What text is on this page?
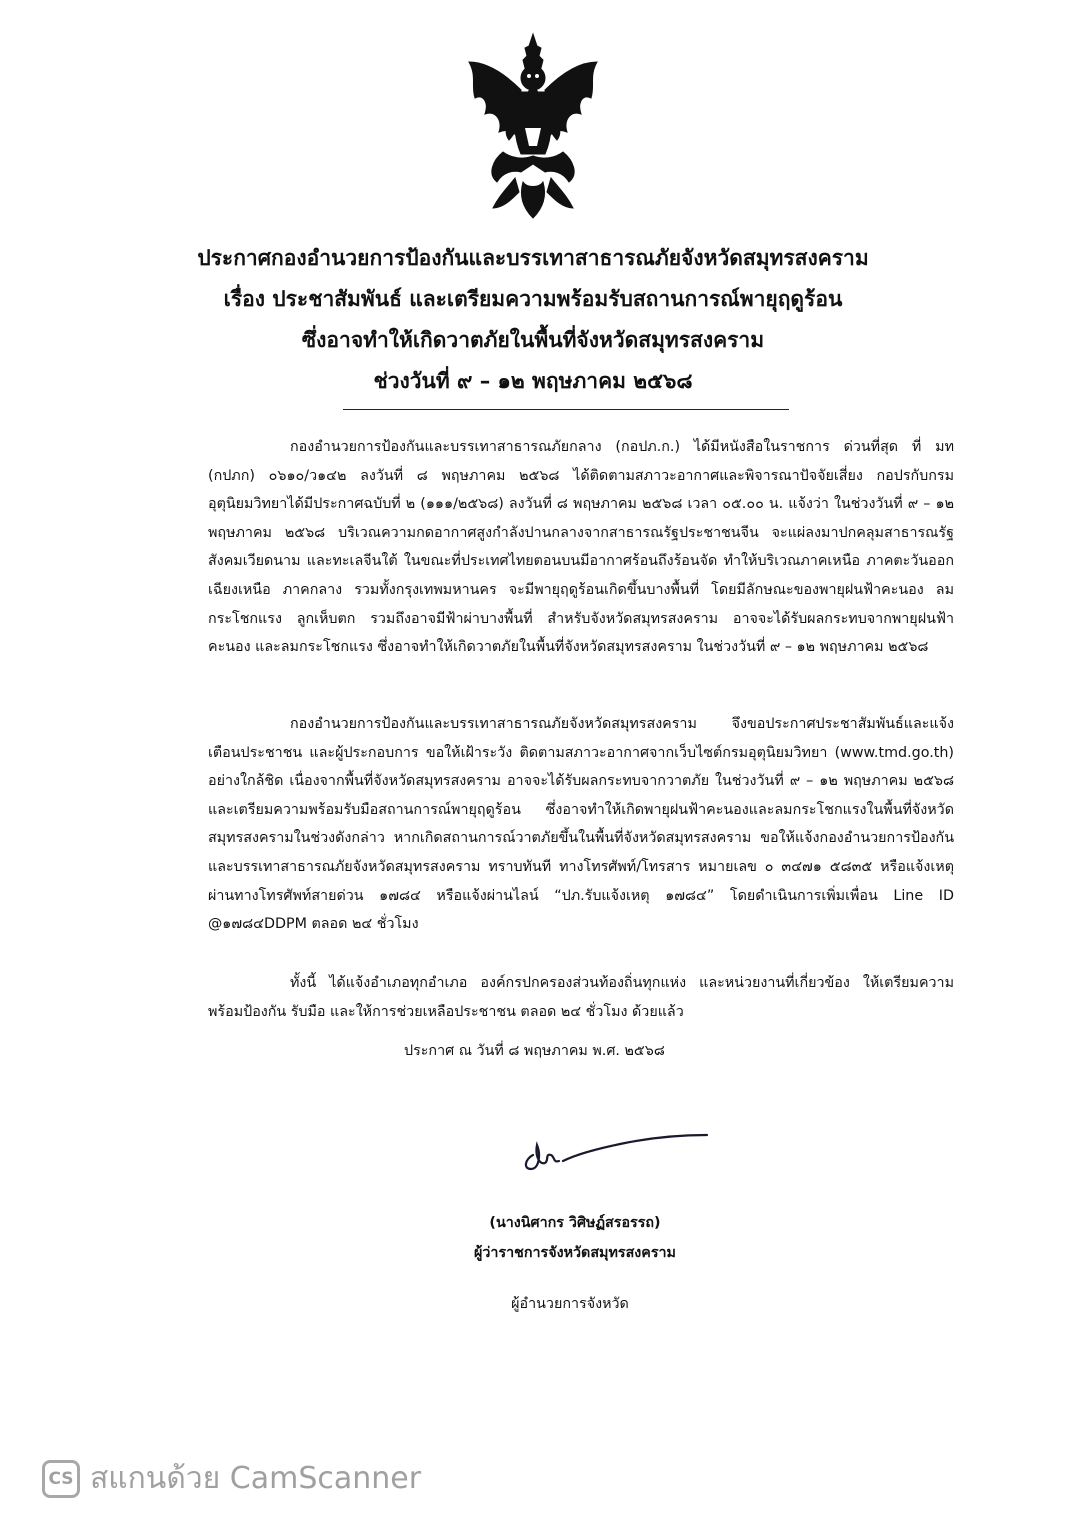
ประกาศกองอำนวยการป้องกันและบรรเทาสาธารณภัยจังหวัดสมุทรสงคราม
เรื่อง ประชาสัมพันธ์ และเตรียมความพร้อมรับสถานการณ์พายุฤดูร้อน
ซึ่งอาจทำให้เกิดวาตภัยในพื้นที่จังหวัดสมุทรสงคราม
ช่วงวันที่ ๙ – ๑๒ พฤษภาคม ๒๕๖๘

กองอำนวยการป้องกันและบรรเทาสาธารณภัยกลาง (กอปภ.ก.) ได้มีหนังสือในราชการ ด่วนที่สุด ที่ มท (กปภก) ๐๖๑๐/ว๑๔๒ ลงวันที่ ๘ พฤษภาคม ๒๕๖๘ ได้ติดตามสภาวะอากาศและพิจารณาปัจจัยเสี่ยง กอปรกับกรมอุตุนิยมวิทยาได้มีประกาศฉบับที่ ๒ (๑๑๑/๒๕๖๘) ลงวันที่ ๘ พฤษภาคม ๒๕๖๘ เวลา ๐๕.๐๐ น. แจ้งว่า ในช่วงวันที่ ๙ – ๑๒ พฤษภาคม ๒๕๖๘ บริเวณความกดอากาศสูงกำลังปานกลางจากสาธารณรัฐประชาชนจีน จะแผ่ลงมาปกคลุมสาธารณรัฐสังคมเวียดนาม และทะเลจีนใต้ ในขณะที่ประเทศไทยตอนบนมีอากาศร้อนถึงร้อนจัด ทำให้บริเวณภาคเหนือ ภาคตะวันออกเฉียงเหนือ ภาคกลาง รวมทั้งกรุงเทพมหานคร จะมีพายุฤดูร้อนเกิดขึ้นบางพื้นที่ โดยมีลักษณะของพายุฝนฟ้าคะนอง ลมกระโชกแรง ลูกเห็บตก รวมถึงอาจมีฟ้าผ่าบางพื้นที่ สำหรับจังหวัดสมุทรสงคราม อาจจะได้รับผลกระทบจากพายุฝนฟ้าคะนอง และลมกระโชกแรง ซึ่งอาจทำให้เกิดวาตภัยในพื้นที่จังหวัดสมุทรสงคราม ในช่วงวันที่ ๙ – ๑๒ พฤษภาคม ๒๕๖๘

กองอำนวยการป้องกันและบรรเทาสาธารณภัยจังหวัดสมุทรสงคราม จึงขอประกาศประชาสัมพันธ์และแจ้งเตือนประชาชน และผู้ประกอบการ ขอให้เฝ้าระวัง ติดตามสภาวะอากาศจากเว็บไซต์กรมอุตุนิยมวิทยา (www.tmd.go.th) อย่างใกล้ชิด เนื่องจากพื้นที่จังหวัดสมุทรสงคราม อาจจะได้รับผลกระทบจากวาตภัย ในช่วงวันที่ ๙ – ๑๒ พฤษภาคม ๒๕๖๘ และเตรียมความพร้อมรับมือสถานการณ์พายุฤดูร้อน ซึ่งอาจทำให้เกิดพายุฝนฟ้าคะนองและลมกระโชกแรงในพื้นที่จังหวัดสมุทรสงครามในช่วงดังกล่าว หากเกิดสถานการณ์วาตภัยขึ้นในพื้นที่จังหวัดสมุทรสงคราม ขอให้แจ้งกองอำนวยการป้องกันและบรรเทาสาธารณภัยจังหวัดสมุทรสงคราม ทราบทันที ทางโทรศัพท์/โทรสาร หมายเลข ๐ ๓๔๗๑ ๕๘๓๕ หรือแจ้งเหตุผ่านทางโทรศัพท์สายด่วน ๑๗๘๔ หรือแจ้งผ่านไลน์ “ปภ.รับแจ้งเหตุ ๑๗๘๔” โดยดำเนินการเพิ่มเพื่อน Line ID @๑๗๘๔DDPM ตลอด ๒๔ ชั่วโมง

ทั้งนี้ ได้แจ้งอำเภอทุกอำเภอ องค์กรปกครองส่วนท้องถิ่นทุกแห่ง และหน่วยงานที่เกี่ยวข้อง ให้เตรียมความพร้อมป้องกัน รับมือ และให้การช่วยเหลือประชาชน ตลอด ๒๔ ชั่วโมง ด้วยแล้ว

ประกาศ ณ วันที่ ๘ พฤษภาคม พ.ศ. ๒๕๖๘
(นางนิศากร วิศิษฏ์สรอรรถ)
ผู้ว่าราชการจังหวัดสมุทรสงคราม
ผู้อำนวยการจังหวัด
CS สแกนด้วย CamScanner
